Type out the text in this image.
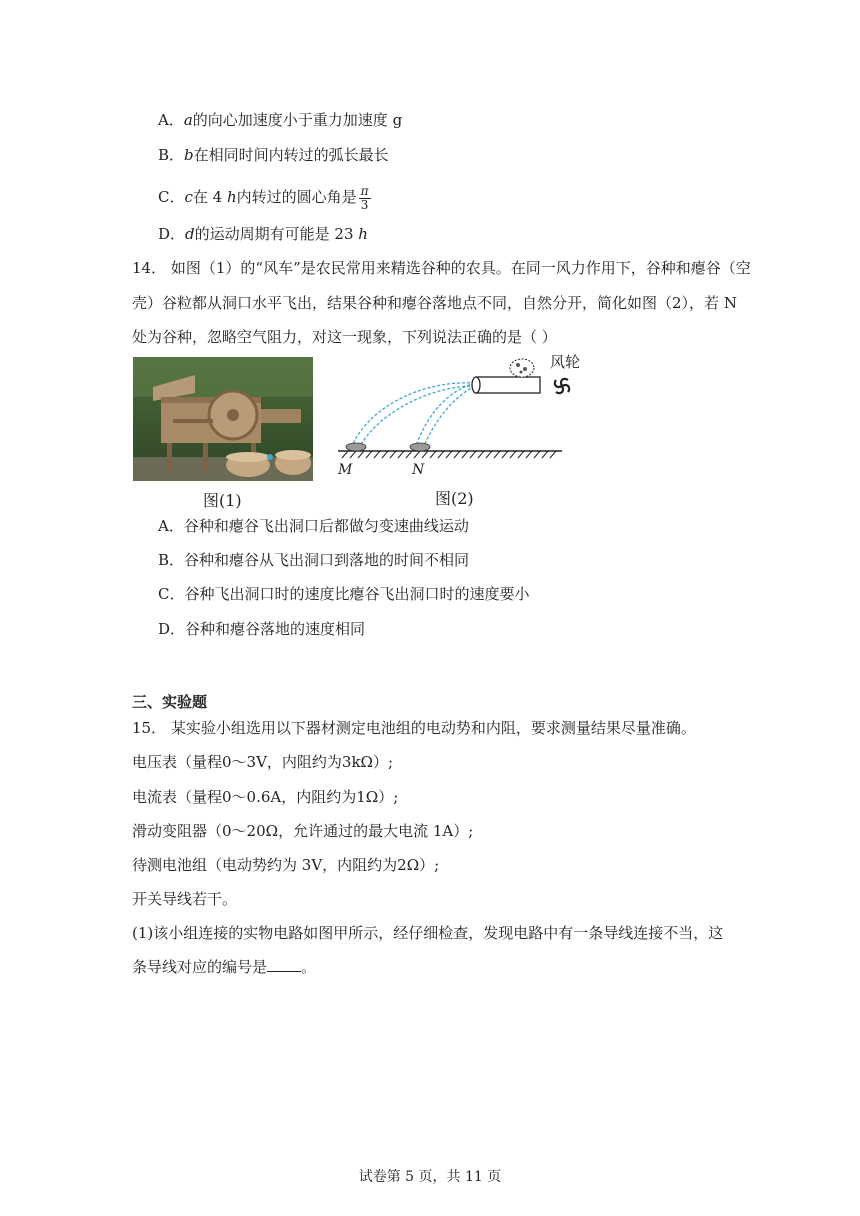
A．a的向心加速度小于重力加速度 g
B．b在相同时间内转过的弧长最长
C．c在 4 h内转过的圆心角是 $\frac{\pi}{3}$
D．d的运动周期有可能是 23 h
14． 如图（1）的“风车”是农民常用来精选谷种的农具。在同一风力作用下，谷种和瘪谷（空
壳）谷粒都从洞口水平飞出，结果谷种和瘪谷落地点不同，自然分开，简化如图（2），若 N
处为谷种，忽略空气阻力，对这一现象，下列说法正确的是（ ）
图(1)
风轮
M	N
图(2)
A．谷种和瘪谷飞出洞口后都做匀变速曲线运动
B．谷种和瘪谷从飞出洞口到落地的时间不相同
C．谷种飞出洞口时的速度比瘪谷飞出洞口时的速度要小
D．谷种和瘪谷落地的速度相同
三、实验题
15． 某实验小组选用以下器材测定电池组的电动势和内阻，要求测量结果尽量准确。
电压表（量程0～3V，内阻约为3kΩ）;
电流表（量程0～0.6A，内阻约为1Ω）;
滑动变阻器（0～20Ω，允许通过的最大电流 1A）;
待测电池组（电动势约为 3V，内阻约为2Ω）;
开关导线若干。
(1)该小组连接的实物电路如图甲所示，经仔细检查，发现电路中有一条导线连接不当，这
条导线对应的编号是 。
试卷第 5 页，共 11 页
